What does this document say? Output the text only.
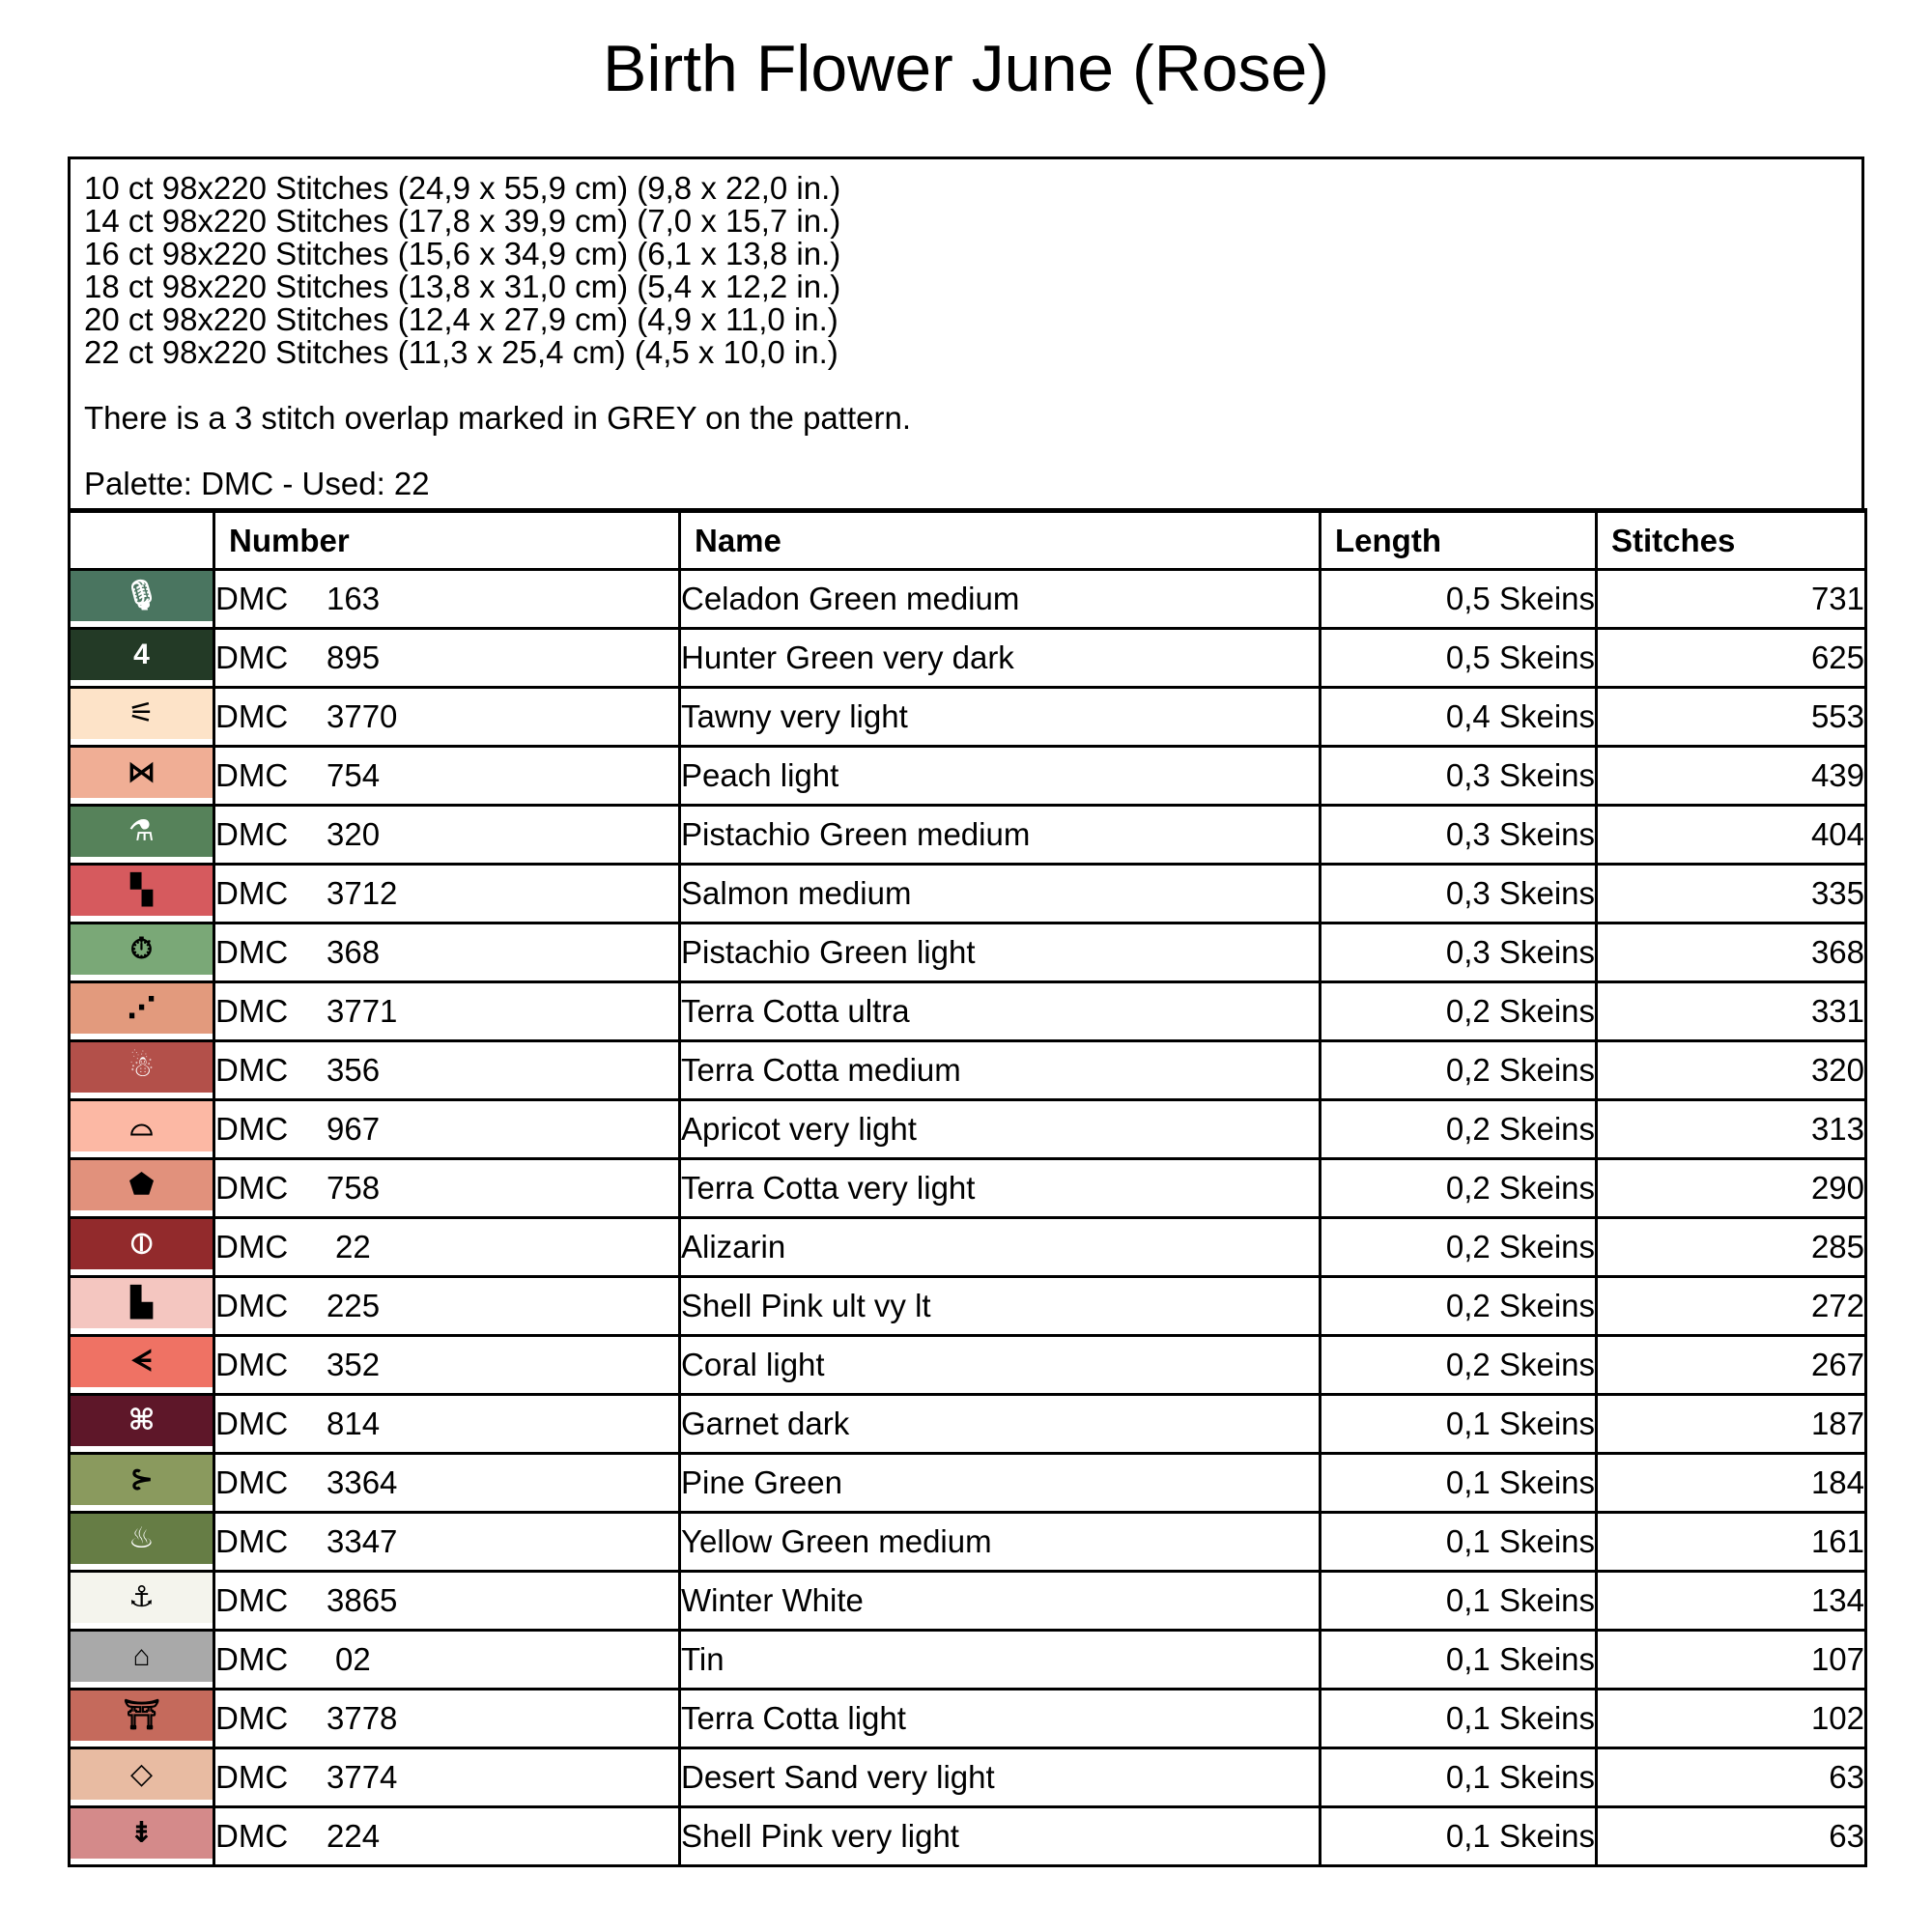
Birth Flower June (Rose)
10 ct 98x220 Stitches (24,9 x 55,9 cm) (9,8 x 22,0 in.)
14 ct 98x220 Stitches (17,8 x 39,9 cm) (7,0 x 15,7 in.)
16 ct 98x220 Stitches (15,6 x 34,9 cm) (6,1 x 13,8 in.)
18 ct 98x220 Stitches (13,8 x 31,0 cm) (5,4 x 12,2 in.)
20 ct 98x220 Stitches (12,4 x 27,9 cm) (4,9 x 11,0 in.)
22 ct 98x220 Stitches (11,3 x 25,4 cm) (4,5 x 10,0 in.)
There is a 3 stitch overlap marked in GREY on the pattern.
Palette: DMC - Used: 22
	Number	Name	Length	Stitches

🎙	DMC 163	Celadon Green medium	0,5 Skeins	731

4	DMC 895	Hunter Green very dark	0,5 Skeins	625

⚟	DMC 3770	Tawny very light	0,4 Skeins	553

⋈	DMC 754	Peach light	0,3 Skeins	439

⚗	DMC 320	Pistachio Green medium	0,3 Skeins	404

▚	DMC 3712	Salmon medium	0,3 Skeins	335

⏱	DMC 368	Pistachio Green light	0,3 Skeins	368

⋰	DMC 3771	Terra Cotta ultra	0,2 Skeins	331

☃	DMC 356	Terra Cotta medium	0,2 Skeins	320

⌓	DMC 967	Apricot very light	0,2 Skeins	313

⬟	DMC 758	Terra Cotta very light	0,2 Skeins	290

⦶	DMC 22	Alizarin	0,2 Skeins	285

▙	DMC 225	Shell Pink ult vy lt	0,2 Skeins	272

ᗕ	DMC 352	Coral light	0,2 Skeins	267

⌘	DMC 814	Garnet dark	0,1 Skeins	187

⊱	DMC 3364	Pine Green	0,1 Skeins	184

♨	DMC 3347	Yellow Green medium	0,1 Skeins	161

⚓	DMC 3865	Winter White	0,1 Skeins	134

⌂	DMC 02	Tin	0,1 Skeins	107

⛩	DMC 3778	Terra Cotta light	0,1 Skeins	102

◇	DMC 3774	Desert Sand very light	0,1 Skeins	63

⇟	DMC 224	Shell Pink very light	0,1 Skeins	63
